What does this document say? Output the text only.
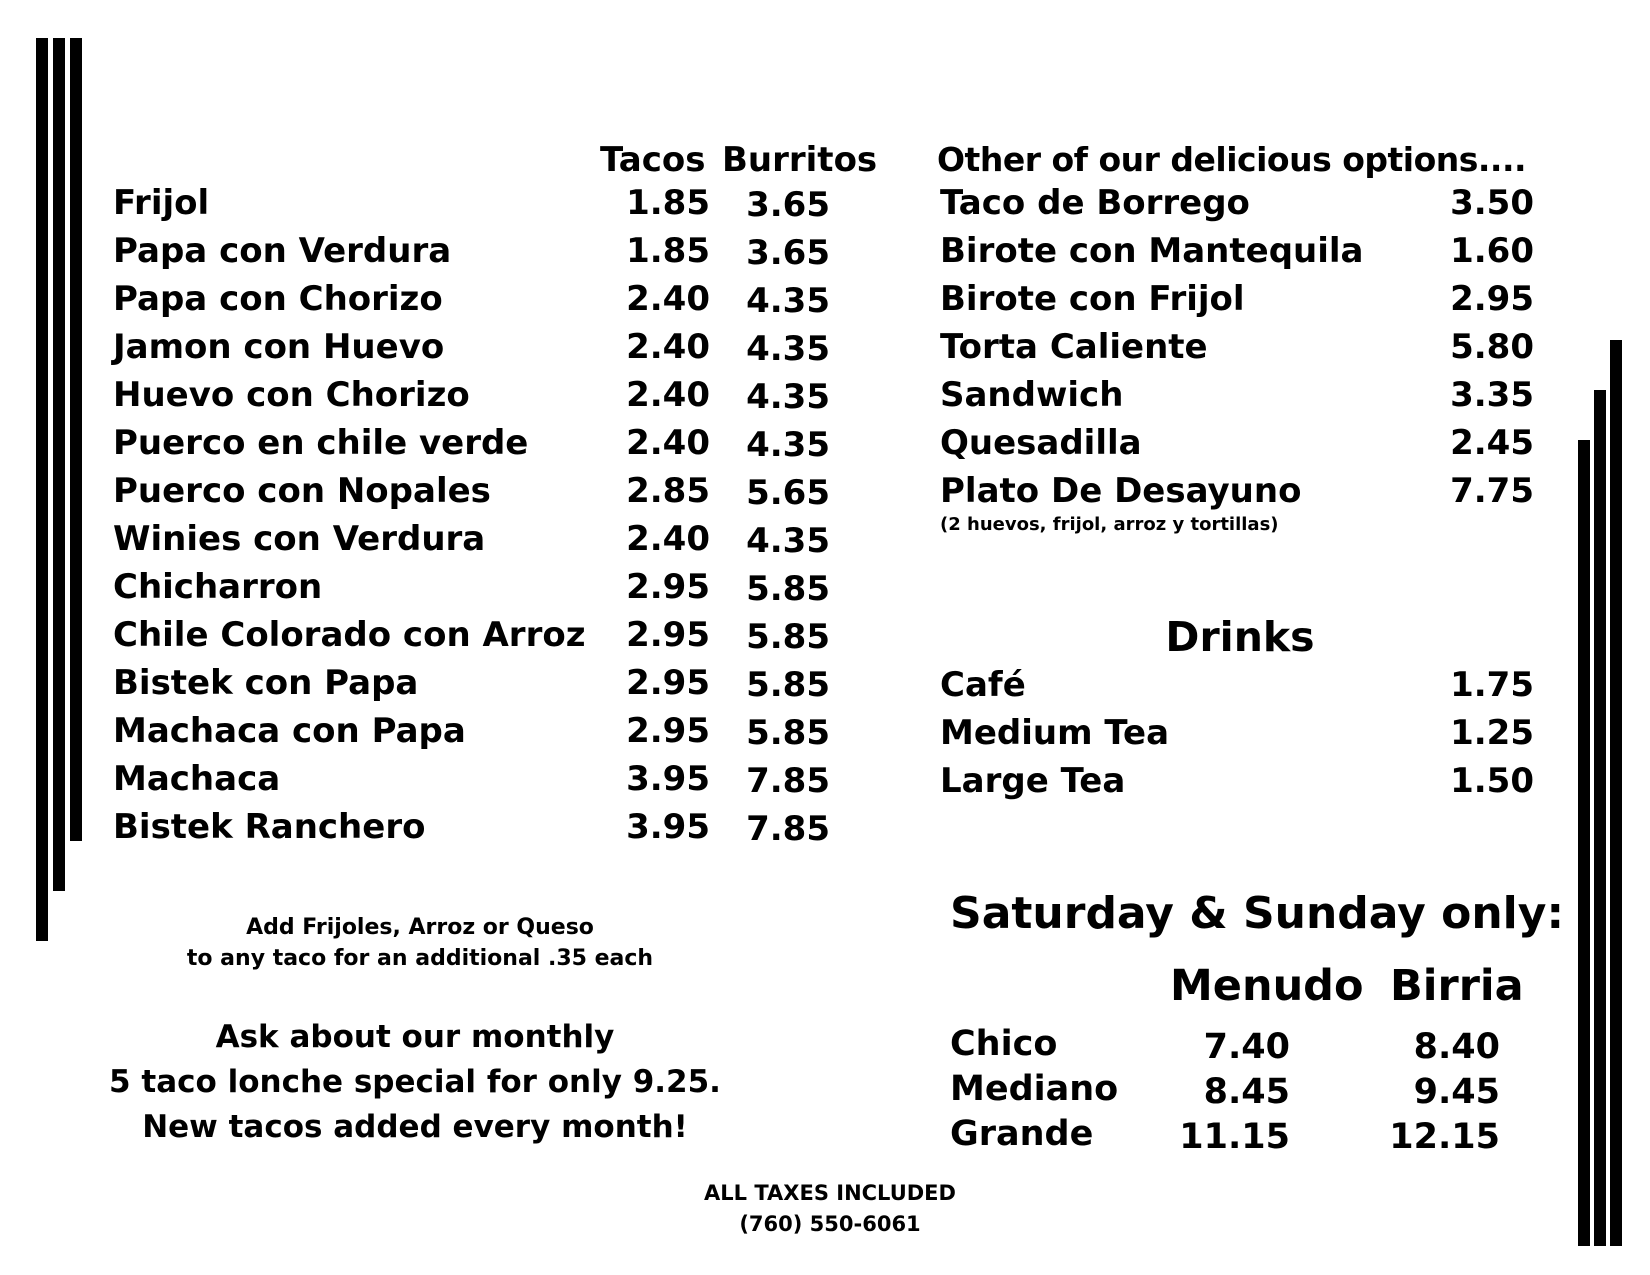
Tacos Burritos
Frijol	1.85	3.65
Papa con Verdura	1.85	3.65
Papa con Chorizo	2.40	4.35
Jamon con Huevo	2.40	4.35
Huevo con Chorizo	2.40	4.35
Puerco en chile verde	2.40	4.35
Puerco con Nopales	2.85	5.65
Winies con Verdura	2.40	4.35
Chicharron	2.95	5.85
Chile Colorado con Arroz	2.95	5.85
Bistek con Papa	2.95	5.85
Machaca con Papa	2.95	5.85
Machaca	3.95	7.85
Bistek Ranchero	3.95	7.85
Add Frijoles, Arroz or Queso
to any taco for an additional .35 each
Ask about our monthly
5 taco lonche special for only 9.25.
New tacos added every month!
Other of our delicious options....
Taco de Borrego	3.50
Birote con Mantequila	1.60
Birote con Frijol	2.95
Torta Caliente	5.80
Sandwich	3.35
Quesadilla	2.45
Plato De Desayuno	7.75
(2 huevos, frijol, arroz y tortillas)
Drinks
Café	1.75
Medium Tea	1.25
Large Tea	1.50
Saturday & Sunday only:
Menudo Birria
Chico	7.40	8.40
Mediano	8.45	9.45
Grande	11.15	12.15
ALL TAXES INCLUDED
(760) 550-6061
